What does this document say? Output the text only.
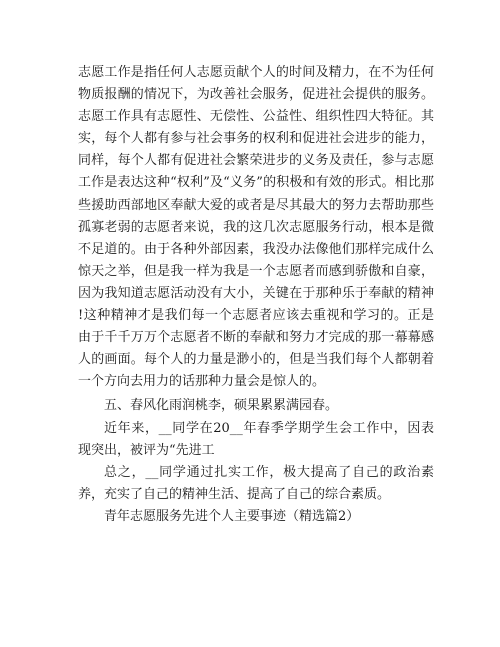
志愿工作是指任何人志愿贡献个人的时间及精力，在不为任何
物质报酬的情况下，为改善社会服务，促进社会提供的服务。
志愿工作具有志愿性、无偿性、公益性、组织性四大特征。其
实，每个人都有参与社会事务的权利和促进社会进步的能力，
同样，每个人都有促进社会繁荣进步的义务及责任，参与志愿
工作是表达这种“权利”及“义务”的积极和有效的形式。相比那
些援助西部地区奉献大爱的或者是尽其最大的努力去帮助那些
孤寡老弱的志愿者来说，我的这几次志愿服务行动，根本是微
不足道的。由于各种外部因素，我没办法像他们那样完成什么
惊天之举，但是我一样为我是一个志愿者而感到骄傲和自豪，
因为我知道志愿活动没有大小，关键在于那种乐于奉献的精神
!这种精神才是我们每一个志愿者应该去重视和学习的。正是
由于千千万万个志愿者不断的奉献和努力才完成的那一幕幕感
人的画面。每个人的力量是渺小的，但是当我们每个人都朝着
一个方向去用力的话那种力量会是惊人的。
五、春风化雨润桃李，硕果累累满园春。
近年来，__同学在20__年春季学期学生会工作中，因表
现突出，被评为“先进工
总之，__同学通过扎实工作，极大提高了自己的政治素
养，充实了自己的精神生活、提高了自己的综合素质。
青年志愿服务先进个人主要事迹（精选篇2）
